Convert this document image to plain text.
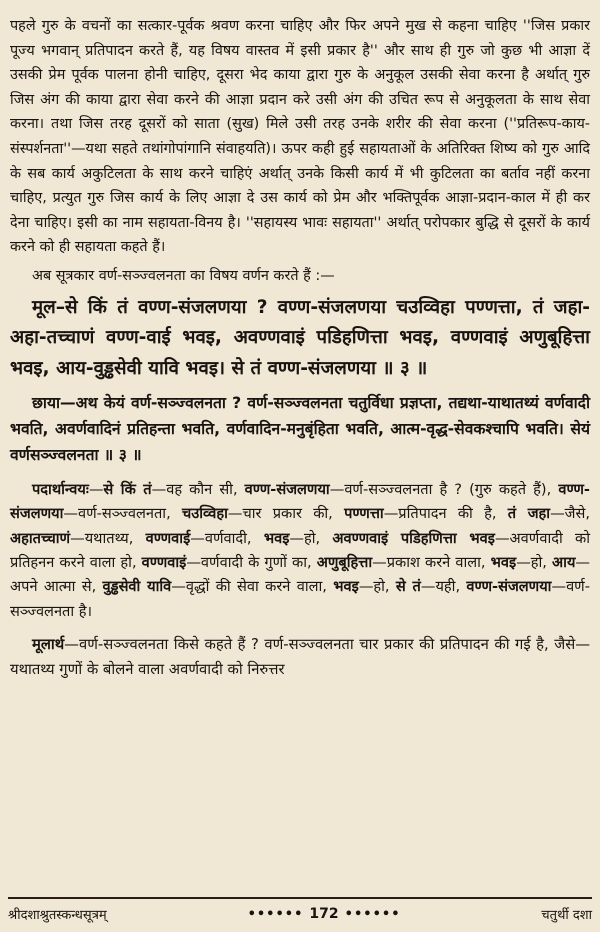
पहले गुरु के वचनों का सत्कार-पूर्वक श्रवण करना चाहिए और फिर अपने मुख से कहना चाहिए ''जिस प्रकार पूज्य भगवान् प्रतिपादन करते हैं, यह विषय वास्तव में इसी प्रकार है'' और साथ ही गुरु जो कुछ भी आज्ञा दें उसकी प्रेम पूर्वक पालना होनी चाहिए, दूसरा भेद काया द्वारा गुरु के अनुकूल उसकी सेवा करना है अर्थात् गुरु जिस अंग की काया द्वारा सेवा करने की आज्ञा प्रदान करे उसी अंग की उचित रूप से अनुकूलता के साथ सेवा करना। तथा जिस तरह दूसरों को साता (सुख) मिले उसी तरह उनके शरीर की सेवा करना (''प्रतिरूप-काय- संस्पर्शनता''—यथा सहते तथांगोपांगानि संवाहयति)। ऊपर कही हुई सहायताओं के अतिरिक्त शिष्य को गुरु आदि के सब कार्य अकुटिलता के साथ करने चाहिएं अर्थात् उनके किसी कार्य में भी कुटिलता का बर्ताव नहीं करना चाहिए, प्रत्युत गुरु जिस कार्य के लिए आज्ञा दे उस कार्य को प्रेम और भक्तिपूर्वक आज्ञा-प्रदान-काल में ही कर देना चाहिए। इसी का नाम सहायता-विनय है। ''सहायस्य भावः सहायता'' अर्थात् परोपकार बुद्धि से दूसरों के कार्य करने को ही सहायता कहते हैं।

अब सूत्रकार वर्ण-सञ्ज्वलनता का विषय वर्णन करते हैं :—

मूल–से किं तं वण्ण-संजलणया ? वण्ण-संजलणया चउव्विहा पण्णत्ता, तं जहा-अहा-तच्चाणं वण्ण-वाई भवइ, अवण्णवाइं पडिहणित्ता भवइ, वण्णवाइं अणुबूहित्ता भवइ, आय-वुड्ढसेवी यावि भवइ। से तं वण्ण-संजलणया ॥ ३ ॥

छाया—अथ केयं वर्ण-सञ्ज्वलनता ? वर्ण-सञ्ज्वलनता चतुर्विधा प्रज्ञप्ता, तद्यथा-याथातथ्यं वर्णवादी भवति, अवर्णवादिनं प्रतिहन्ता भवति, वर्णवादिन-मनुबृंहिता भवति, आत्म-वृद्ध-सेवकश्चापि भवति। सेयं वर्णसञ्ज्वलनता ॥ ३ ॥

पदार्थान्वयः—से किं तं—वह कौन सी, वण्ण-संजलणया—वर्ण-सञ्ज्वलनता है ? (गुरु कहते हैं), वण्ण-संजलणया—वर्ण-सञ्ज्वलनता, चउव्विहा—चार प्रकार की, पण्णत्ता—प्रतिपादन की है, तं जहा—जैसे, अहातच्चाणं—यथातथ्य, वण्णवाई—वर्णवादी, भवइ—हो, अवण्णवाइं पडिहणित्ता भवइ—अवर्णवादी को प्रतिहनन करने वाला हो, वण्णवाइं—वर्णवादी के गुणों का, अणुबूहित्ता—प्रकाश करने वाला, भवइ—हो, आय—अपने आत्मा से, वुड्ढसेवी यावि—वृद्धों की सेवा करने वाला, भवइ—हो, से तं—यही, वण्ण-संजलणया—वर्ण-सञ्ज्वलनता है।

मूलार्थ—वर्ण-सञ्ज्वलनता किसे कहते हैं ? वर्ण-सञ्ज्वलनता चार प्रकार की प्रतिपादन की गई है, जैसे—यथातथ्य गुणों के बोलने वाला अवर्णवादी को निरुत्तर

श्रीदशाश्रुतस्कन्धसूत्रम्	•••••• 172 ••••••	चतुर्थी दशा
